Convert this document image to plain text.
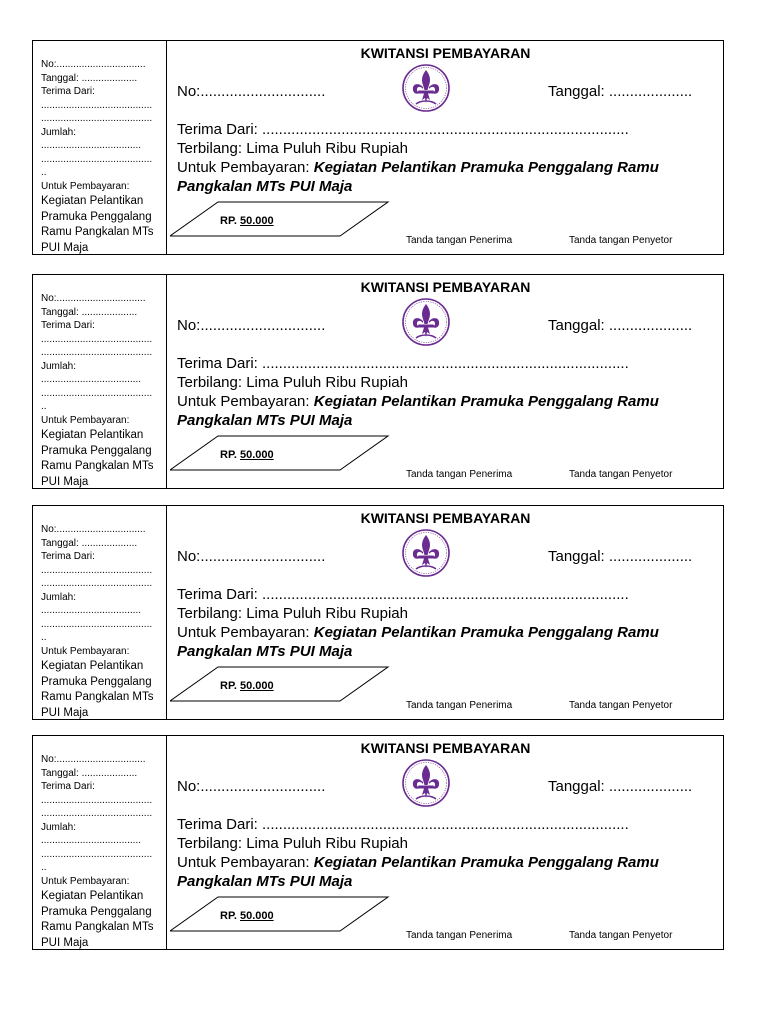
No:................................
Tanggal: ....................
Terima Dari:
........................................
........................................
Jumlah:
....................................
........................................
..
Untuk Pembayaran:
Kegiatan Pelantikan Pramuka Penggalang Ramu Pangkalan MTs PUI Maja
KWITANSI PEMBAYARAN
No:..............................	Tanggal: ....................
Terima Dari: ........................................................................................
Terbilang: Lima Puluh Ribu Rupiah
Untuk Pembayaran: Kegiatan Pelantikan Pramuka Penggalang Ramu
Pangkalan MTs PUI Maja
RP. 50.000
Tanda tangan Penerima	Tanda tangan Penyetor
No:................................
Tanggal: ....................
Terima Dari:
........................................
........................................
Jumlah:
....................................
........................................
..
Untuk Pembayaran:
Kegiatan Pelantikan Pramuka Penggalang Ramu Pangkalan MTs PUI Maja
KWITANSI PEMBAYARAN
No:..............................	Tanggal: ....................
Terima Dari: ........................................................................................
Terbilang: Lima Puluh Ribu Rupiah
Untuk Pembayaran: Kegiatan Pelantikan Pramuka Penggalang Ramu
Pangkalan MTs PUI Maja
RP. 50.000
Tanda tangan Penerima	Tanda tangan Penyetor
No:................................
Tanggal: ....................
Terima Dari:
........................................
........................................
Jumlah:
....................................
........................................
..
Untuk Pembayaran:
Kegiatan Pelantikan Pramuka Penggalang Ramu Pangkalan MTs PUI Maja
KWITANSI PEMBAYARAN
No:..............................	Tanggal: ....................
Terima Dari: ........................................................................................
Terbilang: Lima Puluh Ribu Rupiah
Untuk Pembayaran: Kegiatan Pelantikan Pramuka Penggalang Ramu
Pangkalan MTs PUI Maja
RP. 50.000
Tanda tangan Penerima	Tanda tangan Penyetor
No:................................
Tanggal: ....................
Terima Dari:
........................................
........................................
Jumlah:
....................................
........................................
..
Untuk Pembayaran:
Kegiatan Pelantikan Pramuka Penggalang Ramu Pangkalan MTs PUI Maja
KWITANSI PEMBAYARAN
No:..............................	Tanggal: ....................
Terima Dari: ........................................................................................
Terbilang: Lima Puluh Ribu Rupiah
Untuk Pembayaran: Kegiatan Pelantikan Pramuka Penggalang Ramu
Pangkalan MTs PUI Maja
RP. 50.000
Tanda tangan Penerima	Tanda tangan Penyetor
